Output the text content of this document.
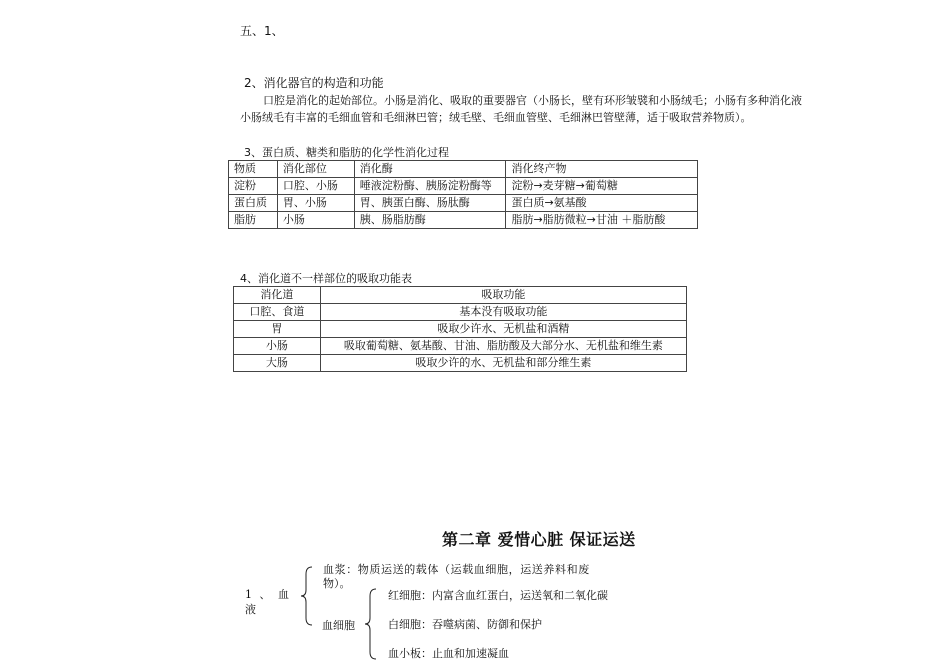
五、1、
2、消化器官的构造和功能
口腔是消化的起始部位。小肠是消化、吸取的重要器官（小肠长，壁有环形皱襞和小肠绒毛；小肠有多种消化液
小肠绒毛有丰富的毛细血管和毛细淋巴管；绒毛壁、毛细血管壁、毛细淋巴管壁薄，适于吸取营养物质）。
3、蛋白质、糖类和脂肪的化学性消化过程
物质	消化部位	消化酶	消化终产物
淀粉	口腔、小肠	唾液淀粉酶、胰肠淀粉酶等	淀粉→麦芽糖→葡萄糖
蛋白质	胃、小肠	胃、胰蛋白酶、肠肽酶	蛋白质→氨基酸
脂肪	小肠	胰、肠脂肪酶	脂肪→脂肪微粒→甘油 ＋脂肪酸
4、消化道不一样部位的吸取功能表
消化道	吸取功能
口腔、食道	基本没有吸取功能
胃	吸取少许水、无机盐和酒精
小肠	吸取葡萄糖、氨基酸、甘油、脂肪酸及大部分水、无机盐和维生素
大肠	吸取少许的水、无机盐和部分维生素
第二章 爱惜心脏 保证运送
1 、 血
液
血浆：物质运送的载体（运载血细胞，运送养料和废
物）。
血细胞
红细胞：内富含血红蛋白，运送氧和二氧化碳
白细胞：吞噬病菌、防御和保护
血小板：止血和加速凝血
